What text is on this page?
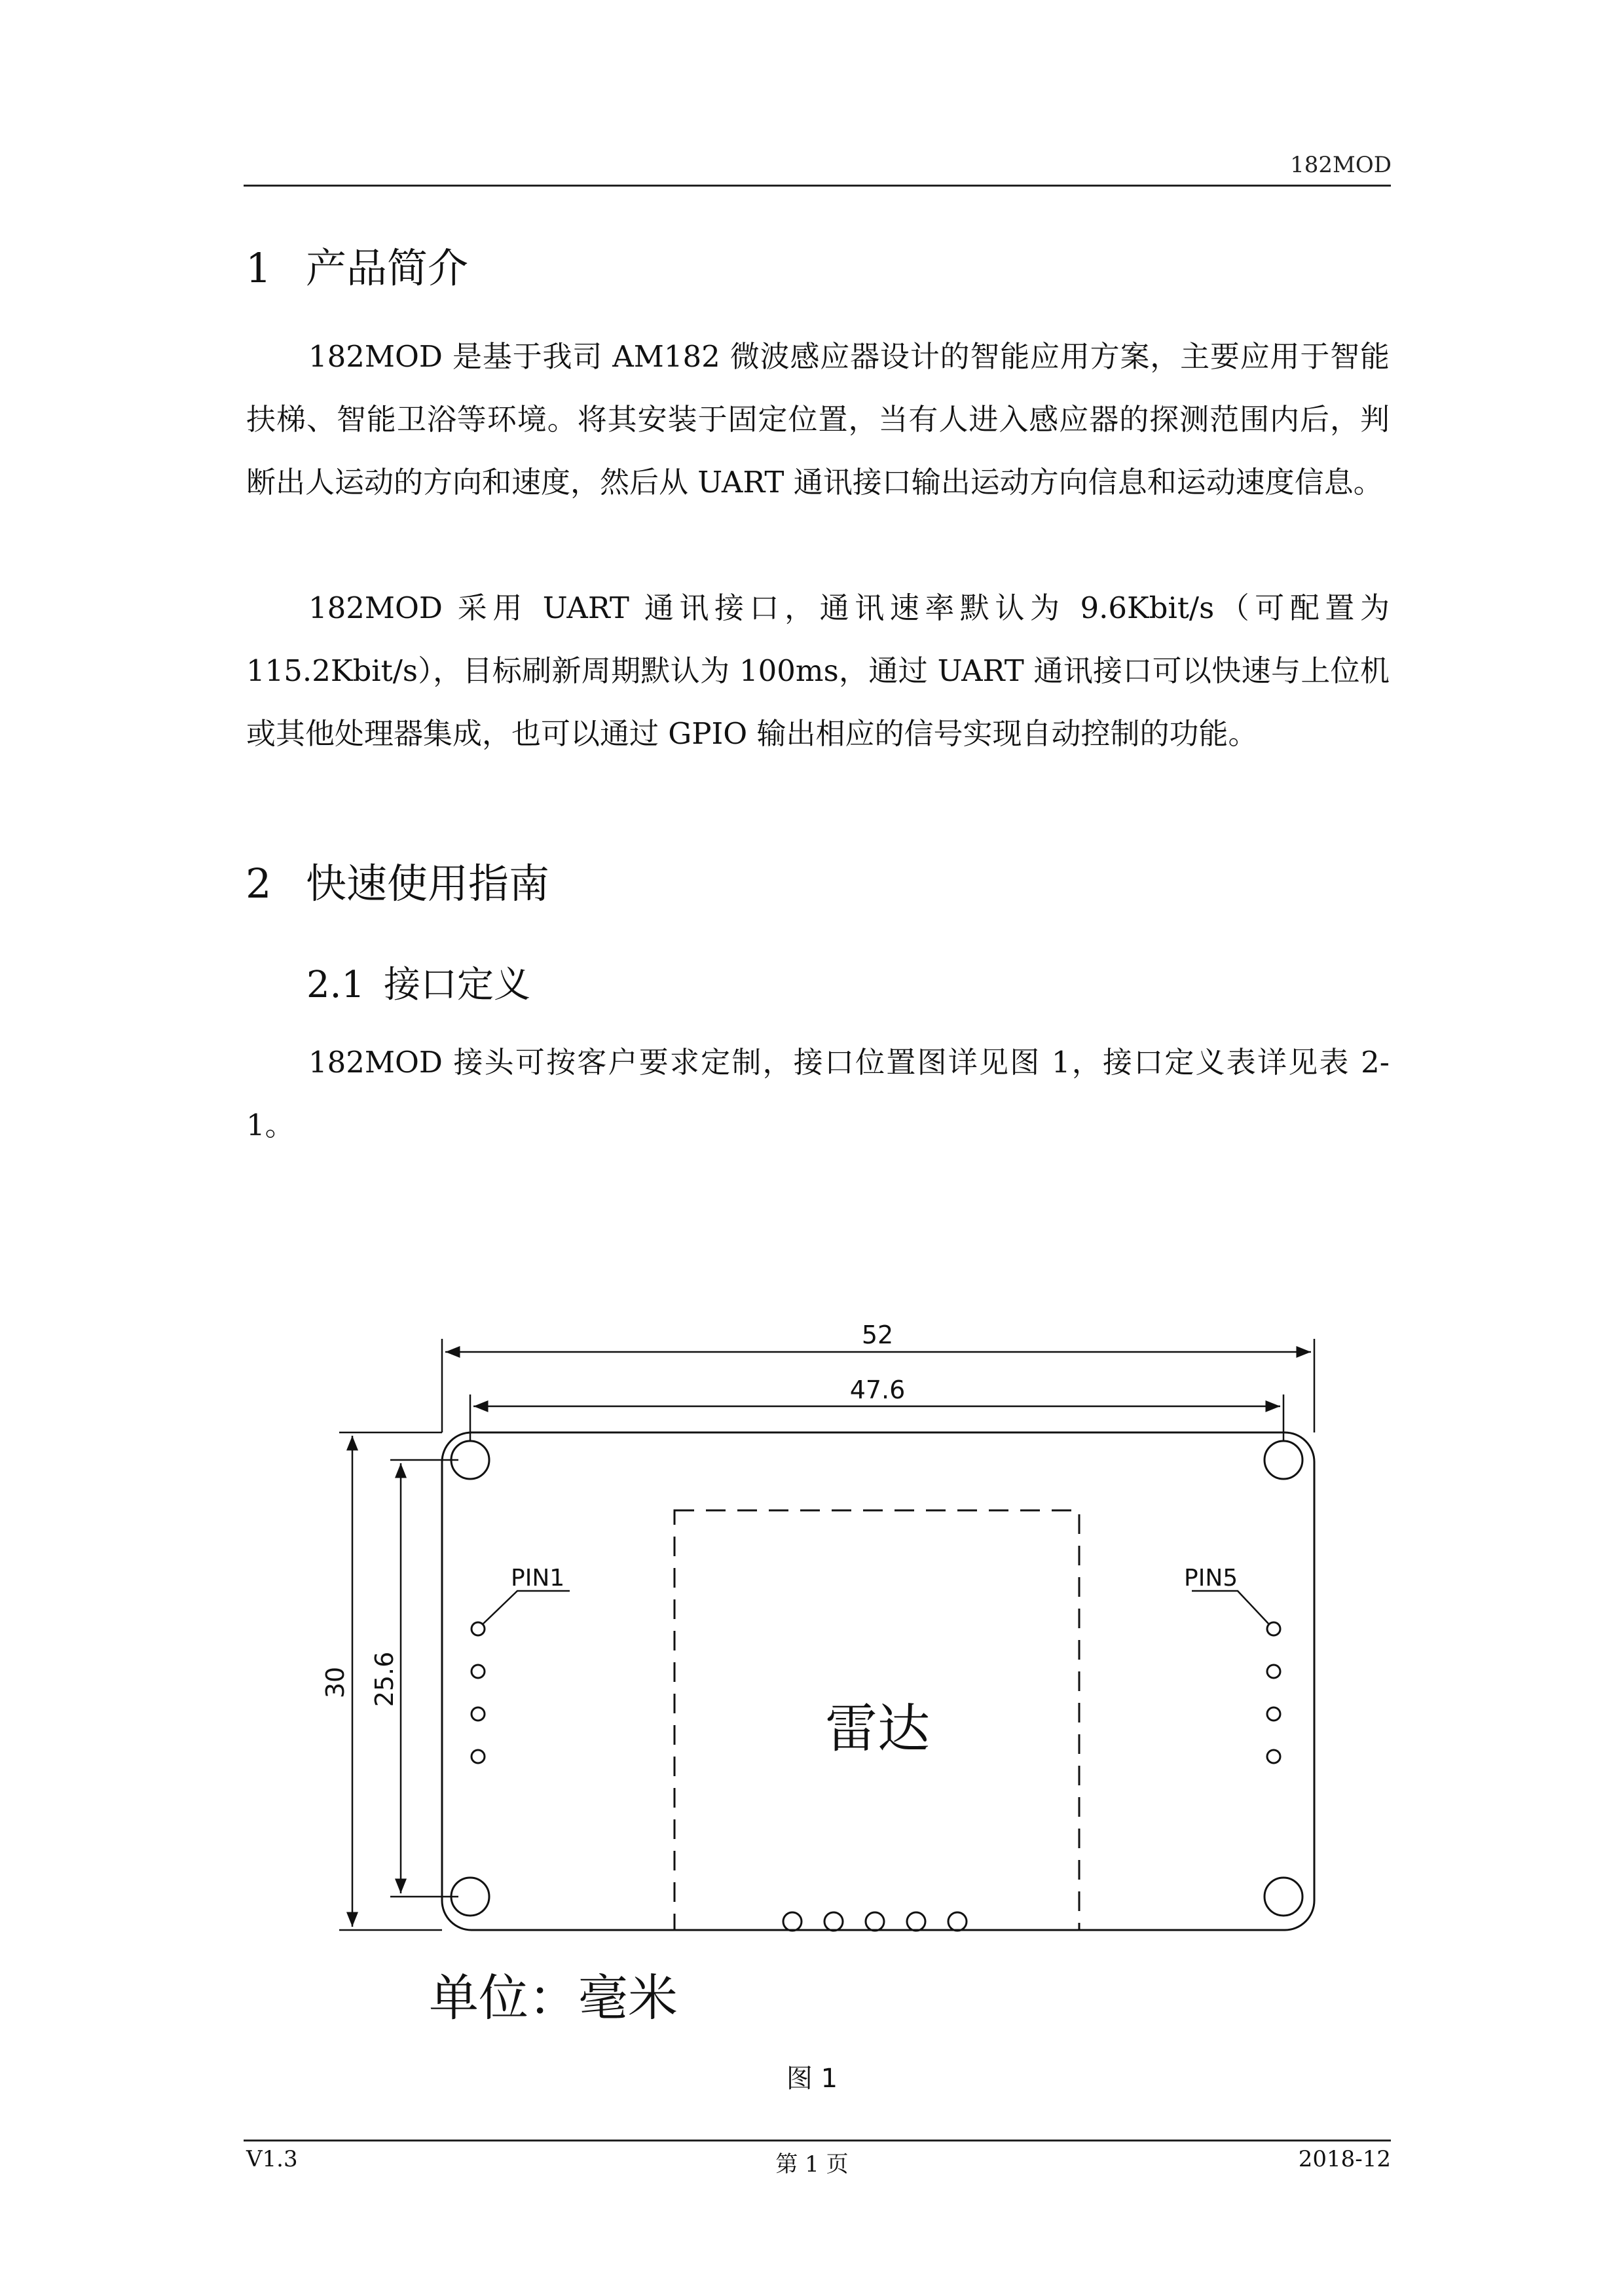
182MOD
1 产品简介

182MOD 是基于我司 AM182 微波感应器设计的智能应用方案，主要应用于智能扶梯、智能卫浴等环境。将其安装于固定位置，当有人进入感应器的探测范围内后，判断出人运动的方向和速度，然后从 UART 通讯接口输出运动方向信息和运动速度信息。

182MOD 采用 UART 通讯接口，通讯速率默认为 9.6Kbit/s（可配置为 115.2Kbit/s），目标刷新周期默认为 100ms，通过 UART 通讯接口可以快速与上位机或其他处理器集成，也可以通过 GPIO 输出相应的信号实现自动控制的功能。

2 快速使用指南
2.1 接口定义

182MOD 接头可按客户要求定制，接口位置图详见图 1，接口定义表详见表 2-1。

52
47.6
30 25.6
PIN1	PIN5
雷达
单位：毫米
图 1
V1.3	第 1 页	2018-12
